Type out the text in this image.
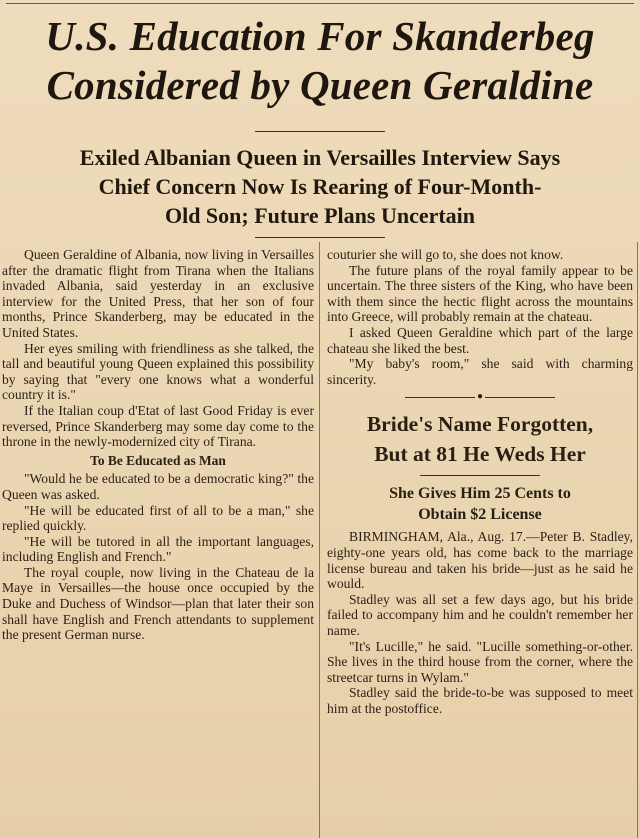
U.S. Education For Skanderbeg
Considered by Queen Geraldine
Exiled Albanian Queen in Versailles Interview Says
Chief Concern Now Is Rearing of Four-Month-
Old Son; Future Plans Uncertain

Queen Geraldine of Albania, now living in Versailles after the dramatic flight from Tirana when the Italians invaded Albania, said yesterday in an exclusive interview for the United Press, that her son of four months, Prince Skanderberg, may be educated in the United States.

Her eyes smiling with friendliness as she talked, the tall and beautiful young Queen explained this possibility by saying that "every one knows what a wonderful country it is."

If the Italian coup d'Etat of last Good Friday is ever reversed, Prince Skanderberg may some day come to the throne in the newly-modernized city of Tirana.

To Be Educated as Man

"Would he be educated to be a democratic king?" the Queen was asked.

"He will be educated first of all to be a man," she replied quickly.

"He will be tutored in all the important languages, including English and French."

The royal couple, now living in the Chateau de la Maye in Versailles—the house once occupied by the Duke and Duchess of Windsor—plan that later their son shall have English and French attendants to supplement the present German nurse.

couturier she will go to, she does not know.

The future plans of the royal family appear to be uncertain. The three sisters of the King, who have been with them since the hectic flight across the mountains into Greece, will probably remain at the chateau.

I asked Queen Geraldine which part of the large chateau she liked the best.

"My baby's room," she said with charming sincerity.

●
Bride's Name Forgotten,
But at 81 He Weds Her
She Gives Him 25 Cents to
Obtain $2 License

BIRMINGHAM, Ala., Aug. 17.—Peter B. Stadley, eighty-one years old, has come back to the marriage license bureau and taken his bride—just as he said he would.

Stadley was all set a few days ago, but his bride failed to accompany him and he couldn't remember her name.

"It's Lucille," he said. "Lucille something-or-other. She lives in the third house from the corner, where the streetcar turns in Wylam."

Stadley said the bride-to-be was supposed to meet him at the postoffice.
